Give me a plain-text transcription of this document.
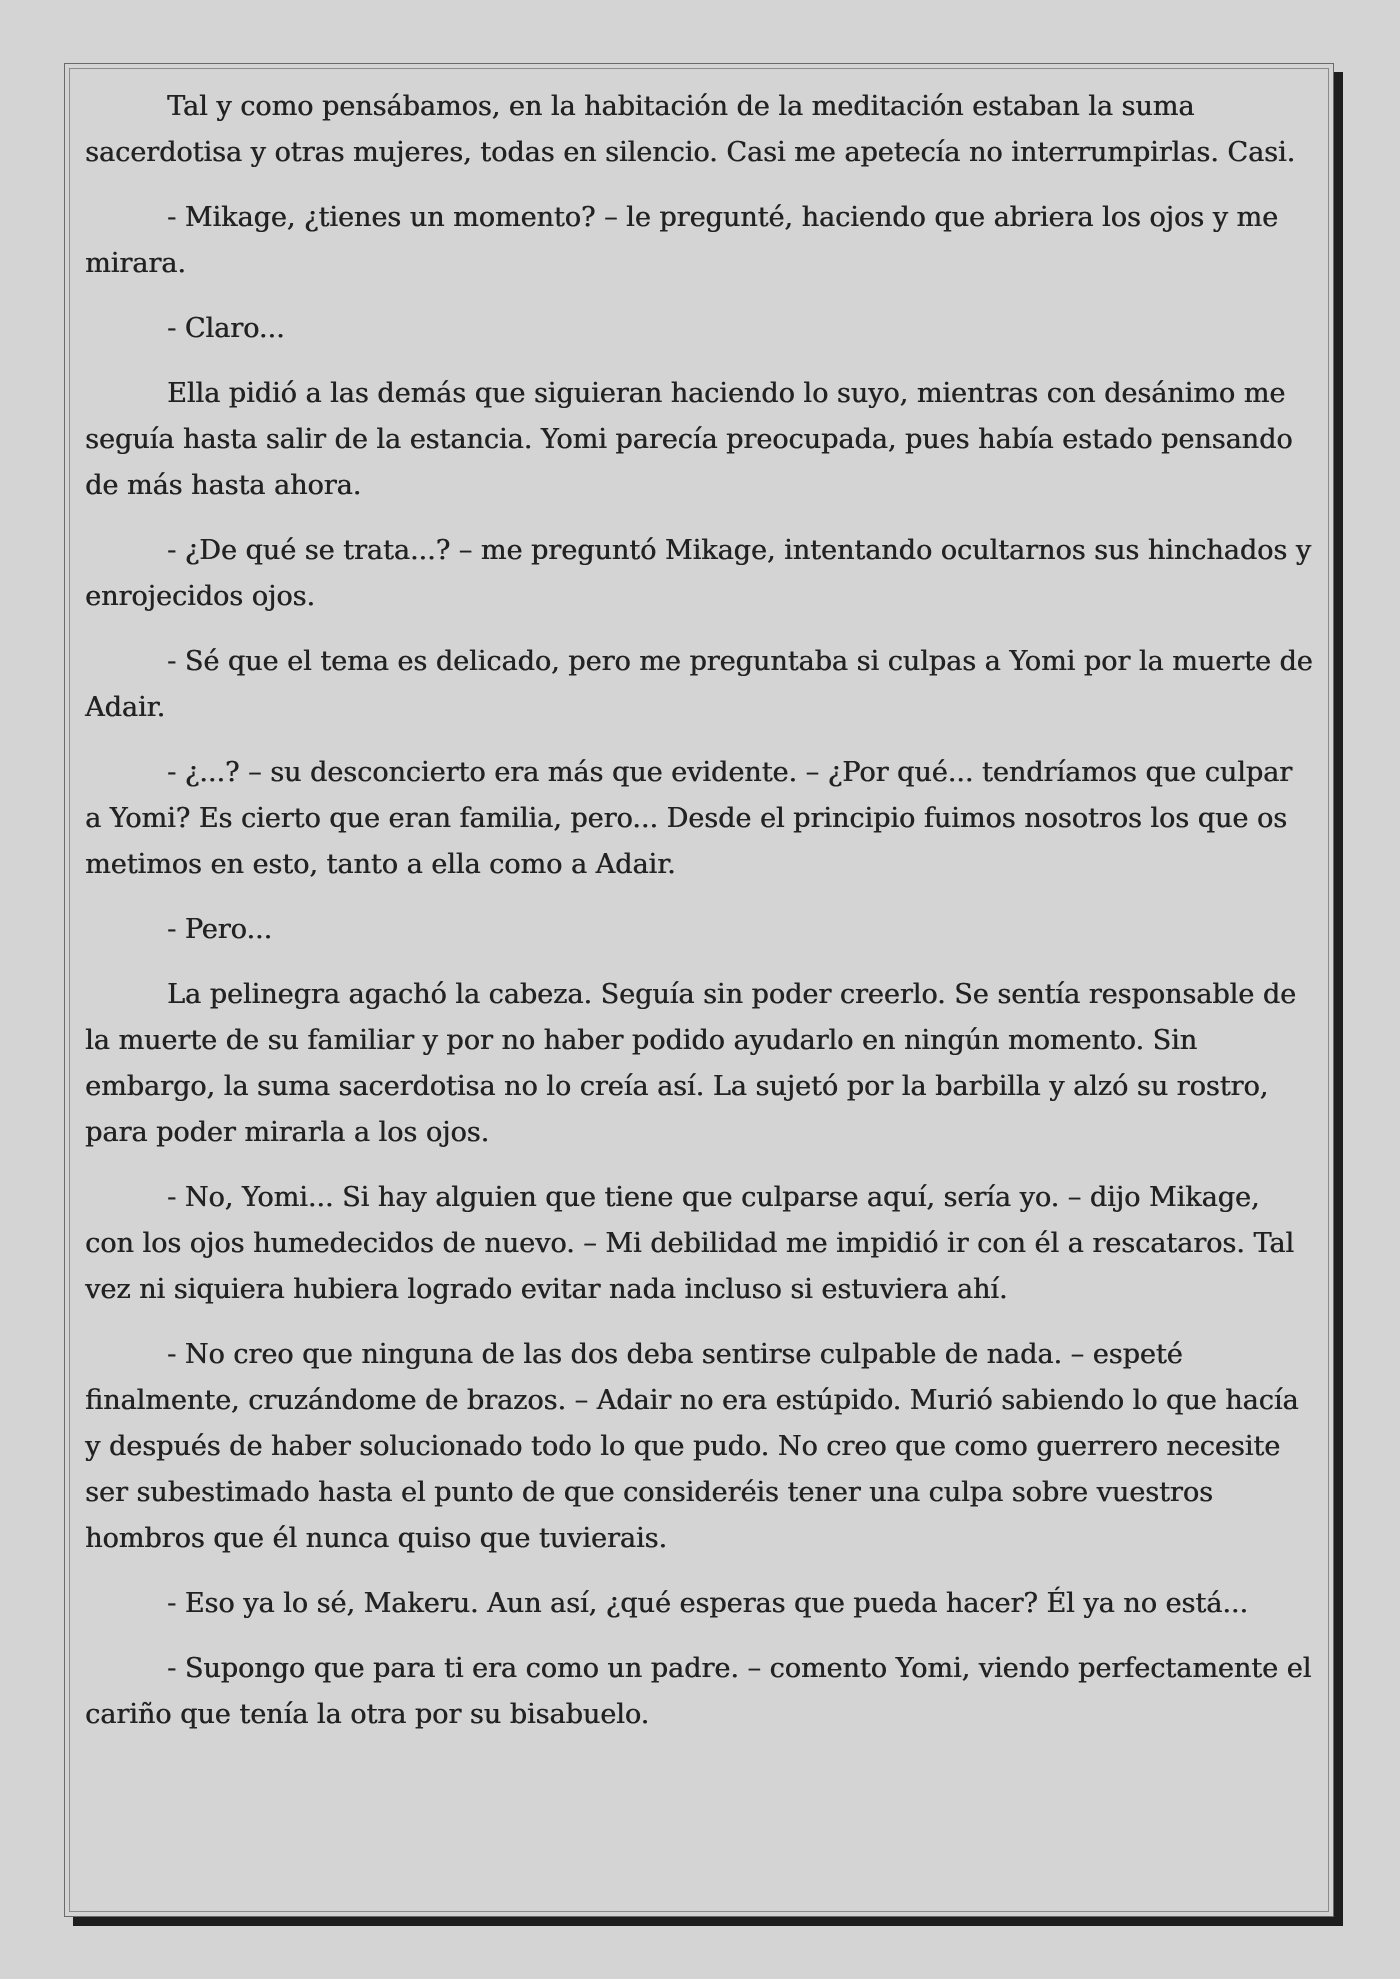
Tal y como pensábamos, en la habitación de la meditación estaban la suma sacerdotisa y otras mujeres, todas en silencio. Casi me apetecía no interrumpirlas. Casi.

- Mikage, ¿tienes un momento? – le pregunté, haciendo que abriera los ojos y me mirara.

- Claro...

Ella pidió a las demás que siguieran haciendo lo suyo, mientras con desánimo me seguía hasta salir de la estancia. Yomi parecía preocupada, pues había estado pensando de más hasta ahora.

- ¿De qué se trata...? – me preguntó Mikage, intentando ocultarnos sus hinchados y enrojecidos ojos.

- Sé que el tema es delicado, pero me preguntaba si culpas a Yomi por la muerte de Adair.

- ¿...? – su desconcierto era más que evidente. – ¿Por qué... tendríamos que culpar a Yomi? Es cierto que eran familia, pero... Desde el principio fuimos nosotros los que os metimos en esto, tanto a ella como a Adair.

- Pero...

La pelinegra agachó la cabeza. Seguía sin poder creerlo. Se sentía responsable de la muerte de su familiar y por no haber podido ayudarlo en ningún momento. Sin embargo, la suma sacerdotisa no lo creía así. La sujetó por la barbilla y alzó su rostro, para poder mirarla a los ojos.

- No, Yomi... Si hay alguien que tiene que culparse aquí, sería yo. – dijo Mikage, con los ojos humedecidos de nuevo. – Mi debilidad me impidió ir con él a rescataros. Tal vez ni siquiera hubiera logrado evitar nada incluso si estuviera ahí.

- No creo que ninguna de las dos deba sentirse culpable de nada. – espeté finalmente, cruzándome de brazos. – Adair no era estúpido. Murió sabiendo lo que hacía y después de haber solucionado todo lo que pudo. No creo que como guerrero necesite ser subestimado hasta el punto de que consideréis tener una culpa sobre vuestros hombros que él nunca quiso que tuvierais.

- Eso ya lo sé, Makeru. Aun así, ¿qué esperas que pueda hacer? Él ya no está...

- Supongo que para ti era como un padre. – comento Yomi, viendo perfectamente el cariño que tenía la otra por su bisabuelo.
